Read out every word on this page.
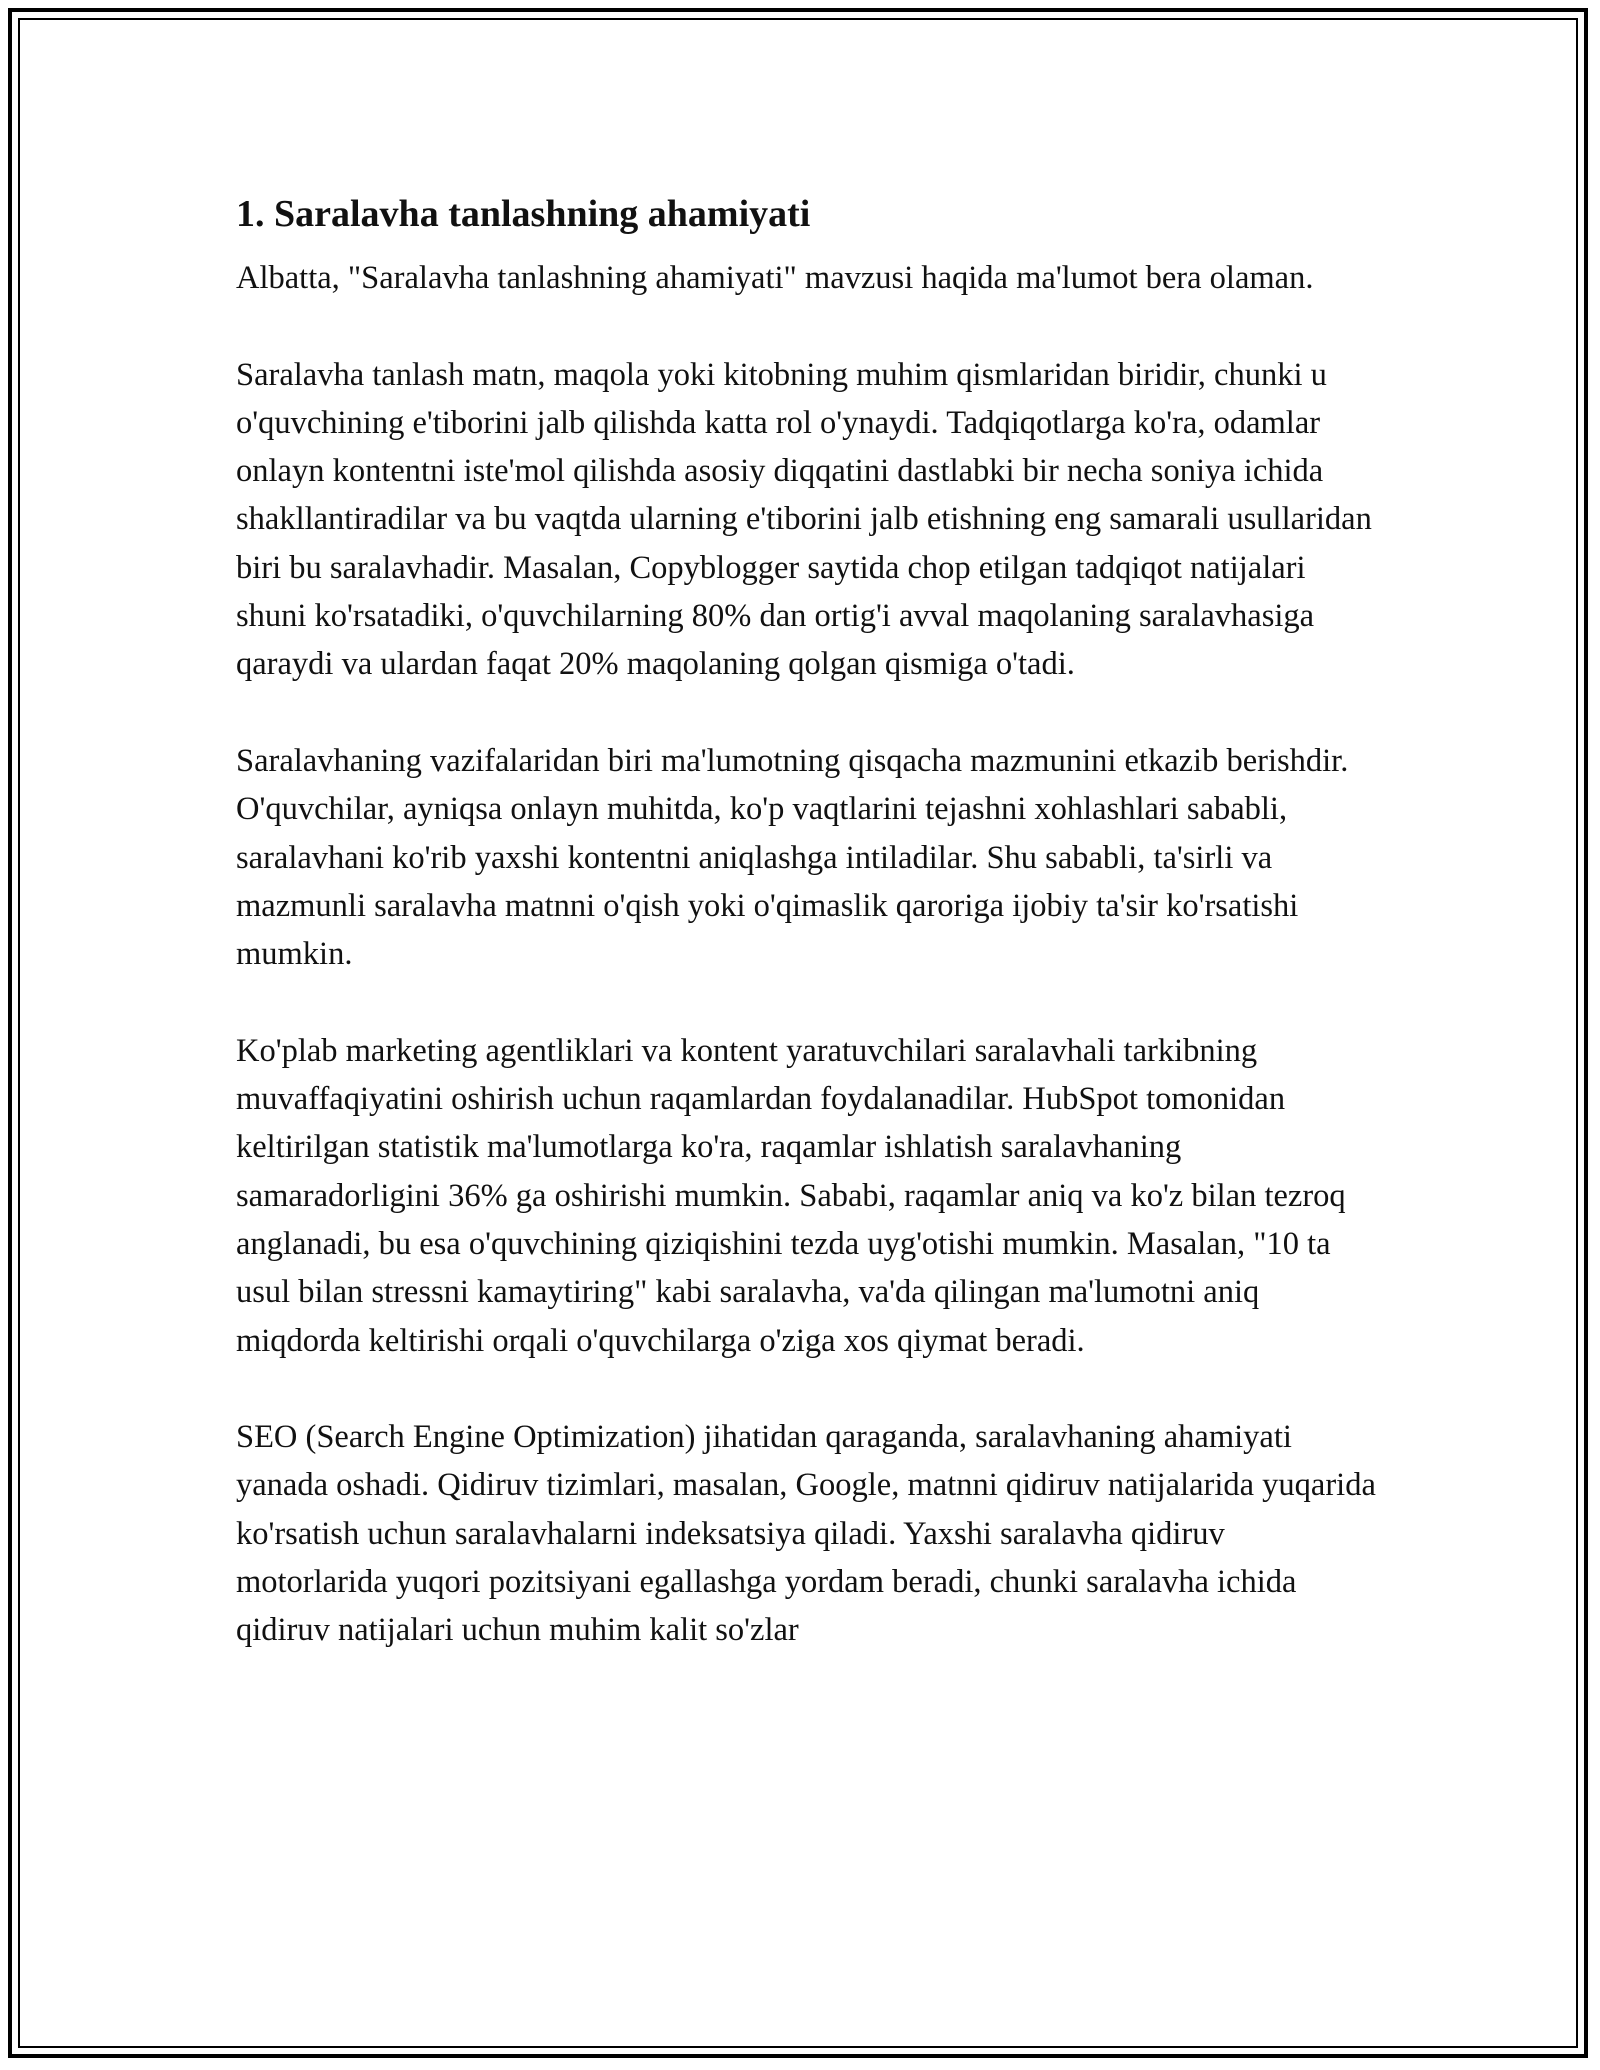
1. Saralavha tanlashning ahamiyati

Albatta, "Saralavha tanlashning ahamiyati" mavzusi haqida ma'lumot bera olaman.

Saralavha tanlash matn, maqola yoki kitobning muhim qismlaridan biridir, chunki u o'quvchining e'tiborini jalb qilishda katta rol o'ynaydi. Tadqiqotlarga ko'ra, odamlar onlayn kontentni iste'mol qilishda asosiy diqqatini dastlabki bir necha soniya ichida shakllantiradilar va bu vaqtda ularning e'tiborini jalb etishning eng samarali usullaridan biri bu saralavhadir. Masalan, Copyblogger saytida chop etilgan tadqiqot natijalari shuni ko'rsatadiki, o'quvchilarning 80% dan ortig'i avval maqolaning saralavhasiga qaraydi va ulardan faqat 20% maqolaning qolgan qismiga o'tadi.

Saralavhaning vazifalaridan biri ma'lumotning qisqacha mazmunini etkazib berishdir. O'quvchilar, ayniqsa onlayn muhitda, ko'p vaqtlarini tejashni xohlashlari sababli, saralavhani ko'rib yaxshi kontentni aniqlashga intiladilar. Shu sababli, ta'sirli va mazmunli saralavha matnni o'qish yoki o'qimaslik qaroriga ijobiy ta'sir ko'rsatishi mumkin.

Ko'plab marketing agentliklari va kontent yaratuvchilari saralavhali tarkibning muvaffaqiyatini oshirish uchun raqamlardan foydalanadilar. HubSpot tomonidan keltirilgan statistik ma'lumotlarga ko'ra, raqamlar ishlatish saralavhaning samaradorligini 36% ga oshirishi mumkin. Sababi, raqamlar aniq va ko'z bilan tezroq anglanadi, bu esa o'quvchining qiziqishini tezda uyg'otishi mumkin. Masalan, "10 ta usul bilan stressni kamaytiring" kabi saralavha, va'da qilingan ma'lumotni aniq miqdorda keltirishi orqali o'quvchilarga o'ziga xos qiymat beradi.

SEO (Search Engine Optimization) jihatidan qaraganda, saralavhaning ahamiyati yanada oshadi. Qidiruv tizimlari, masalan, Google, matnni qidiruv natijalarida yuqarida ko'rsatish uchun saralavhalarni indeksatsiya qiladi. Yaxshi saralavha qidiruv motorlarida yuqori pozitsiyani egallashga yordam beradi, chunki saralavha ichida qidiruv natijalari uchun muhim kalit so'zlar
